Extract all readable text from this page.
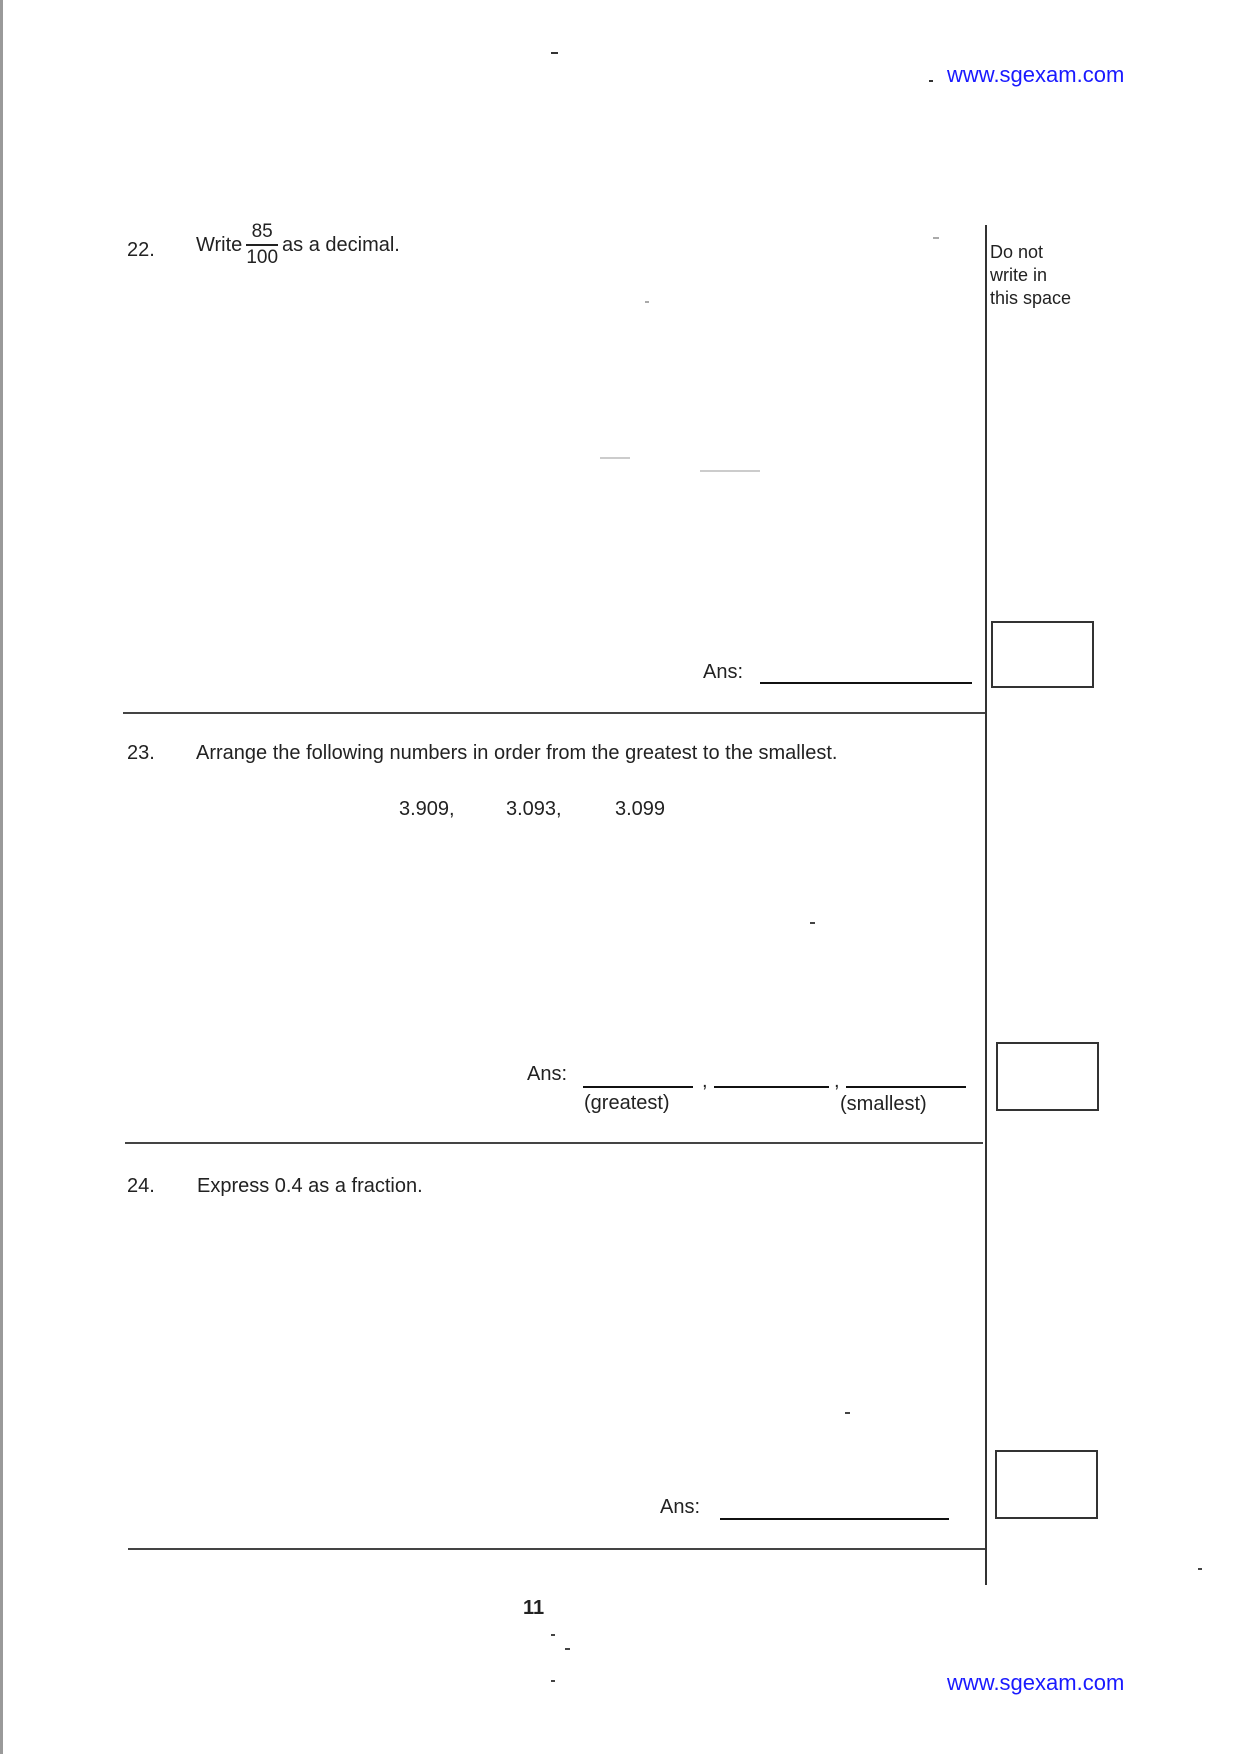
www.sgexam.com
Do not
write in
this space
22. Write $\frac{85}{100}$ as a decimal.
Ans:
23. Arrange the following numbers in order from the greatest to the smallest.
3.909,	3.093,	3.099
Ans:	,	,
(greatest)	(smallest)
24. Express 0.4 as a fraction.
Ans:
11
www.sgexam.com
